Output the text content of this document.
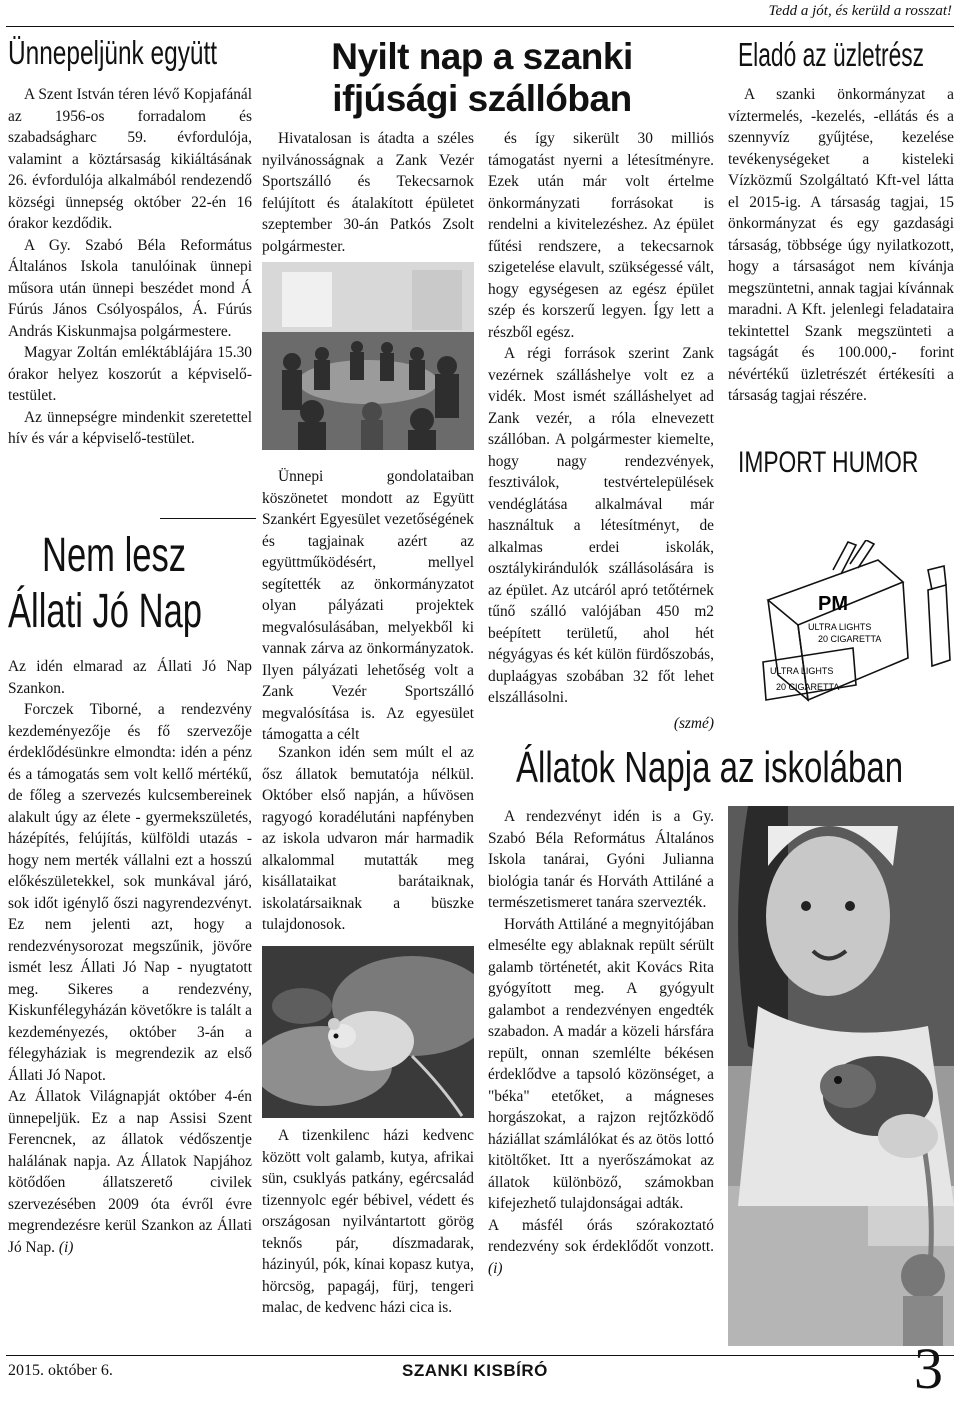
Tedd a jót, és kerüld a rosszat!
Ünnepeljünk együtt

A Szent István téren lévő Kopjafánál az 1956-os forradalom és szabadságharc 59. évfordulója, valamint a köztársaság kikiáltásának 26. évfordulója alkalmából rendezendő községi ünnepség október 22-én 16 órakor kezdődik.

A Gy. Szabó Béla Református Általános Iskola tanulóinak ünnepi műsora után ünnepi beszédet mond Á Fúrús János Csólyospálos, Á. Fúrús András Kiskunmajsa polgármestere.

Magyar Zoltán emléktáblájára 15.30 órakor helyez koszorút a képviselő-testület.

Az ünnepségre mindenkit szeretettel hív és vár a képviselő-testület.

Nem lesz
Állati Jó Nap

Az idén elmarad az Állati Jó Nap Szankon.

Forczek Tiborné, a rendezvény kezdeményezője és fő szervezője érdeklődésünkre elmondta: idén a pénz és a támogatás sem volt kellő mértékű, de főleg a szervezés kulcsembereinek alakult úgy az élete - gyermekszületés, házépítés, felújítás, külföldi utazás - hogy nem merték vállalni ezt a hosszú előkészületekkel, sok munkával járó, sok időt igénylő őszi nagyrendezvényt. Ez nem jelenti azt, hogy a rendezvénysorozat megszűnik, jövőre ismét lesz Állati Jó Nap - nyugtatott meg. Sikeres a rendezvény, Kiskunfélegyházán követőkre is talált a kezdeményezés, október 3-án a félegyháziak is megrendezik az első Állati Jó Napot.

Az Állatok Világnapját október 4-én ünnepeljük. Ez a nap Assisi Szent Ferencnek, az állatok védőszentje halálának napja. Az Állatok Napjához kötődően állatszerető civilek szervezésében 2009 óta évről évre megrendezésre kerül Szankon az Állati Jó Nap. (i)
Nyilt nap a szanki
ifjúsági szállóban

Hivatalosan is átadta a széles nyilvánosságnak a Zank Vezér Sportszálló és Tekecsarnok felújított és átalakított épületet szeptember 30-án Patkós Zsolt polgármester.

Ünnepi gondolataiban köszönetet mondott az Együtt Szankért Egyesület vezetőségének és tagjainak azért az együttműködésért, mellyel segítették az önkormányzatot olyan pályázati projektek megvalósulásában, melyekből ki vannak zárva az önkormányzatok. Ilyen pályázati lehetőség volt a Zank Vezér Sportszálló megvalósítása is. Az egyesület támogatta a célt

és így sikerült 30 milliós támogatást nyerni a létesítményre. Ezek után már volt értelme önkormányzati forrásokat is rendelni a kivitelezéshez. Az épület fűtési rendszere, a tekecsarnok szigetelése elavult, szükségessé vált, hogy egységesen az egész épület szép és korszerű legyen. Így lett a részből egész.

A régi források szerint Zank vezérnek szálláshelye volt ez a vidék. Most ismét szálláshelyet ad Zank vezér, a róla elnevezett szállóban. A polgármester kiemelte, hogy nagy rendezvények, fesztiválok, testvértelepülések vendéglátása alkalmával már használtuk a létesítményt, de alkalmas erdei iskolák, osztálykirándulók szállásolására is az épület. Az utcáról apró tetőtérnek tűnő szálló valójában 450 m2 beépített területű, ahol hét négyágyas és két külön fürdőszobás, duplaágyas szobában 32 főt lehet elszállásolni.

(szmé)

Szankon idén sem múlt el az ősz állatok bemutatója nélkül. Október első napján, a hűvösen ragyogó koradélutáni napfényben az iskola udvaron már harmadik alkalommal mutatták meg kisállataikat barátaiknak, iskolatársaiknak a büszke tulajdonosok.

A tizenkilenc házi kedvenc között volt galamb, kutya, afrikai sün, csuklyás patkány, egércsalád tizennyolc egér bébivel, védett és országosan nyilvántartott görög teknős pár, díszmadarak, házinyúl, pók, kínai kopasz kutya, hörcsög, papagáj, fürj, tengeri malac, de kedvenc házi cica is.

Eladó az üzletrész

A szanki önkormányzat a víztermelés, -kezelés, -ellátás és a szennyvíz gyűjtése, kezelése tevékenységeket a kisteleki Vízközmű Szolgáltató Kft-vel látta el 2015-ig. A társaság tagjai, 15 önkormányzat és egy gazdasági társaság, többsége úgy nyilatkozott, hogy a társaságot nem kívánja megszüntetni, annak tagjai kívánnak maradni. A Kft. jelenlegi feladataira tekintettel Szank megszünteti a tagságát és 100.000,- forint névértékű üzletrészét értékesíti a társaság tagjai részére.

IMPORT HUMOR
PM
ULTRA LIGHTS
20 CIGARETTA
ULTRA LIGHTS
20 CIGARETTA
Állatok Napja az iskolában

A rendezvényt idén is a Gy. Szabó Béla Református Általános Iskola tanárai, Gyóni Julianna biológia tanár és Horváth Attiláné a természetismeret tanára szervezték.

Horváth Attiláné a megnyitójában elmesélte egy ablaknak repült sérült galamb történetét, akit Kovács Rita gyógyított meg. A gyógyult galambot a rendezvényen engedték szabadon. A madár a közeli hársfára repült, onnan szemlélte békésen érdeklődve a tapsoló közönséget, a "béka" etetőket, a mágneses horgászokat, a rajzon rejtőzködő háziállat számlálókat és az ötös lottó kitöltőket. Itt a nyerőszámokat az állatok különböző, számokban kifejezhető tulajdonságai adták.

A másfél órás szórakoztató rendezvény sok érdeklődőt vonzott.

(i)
2015. október 6.	SZANKI KISBÍRÓ	3
